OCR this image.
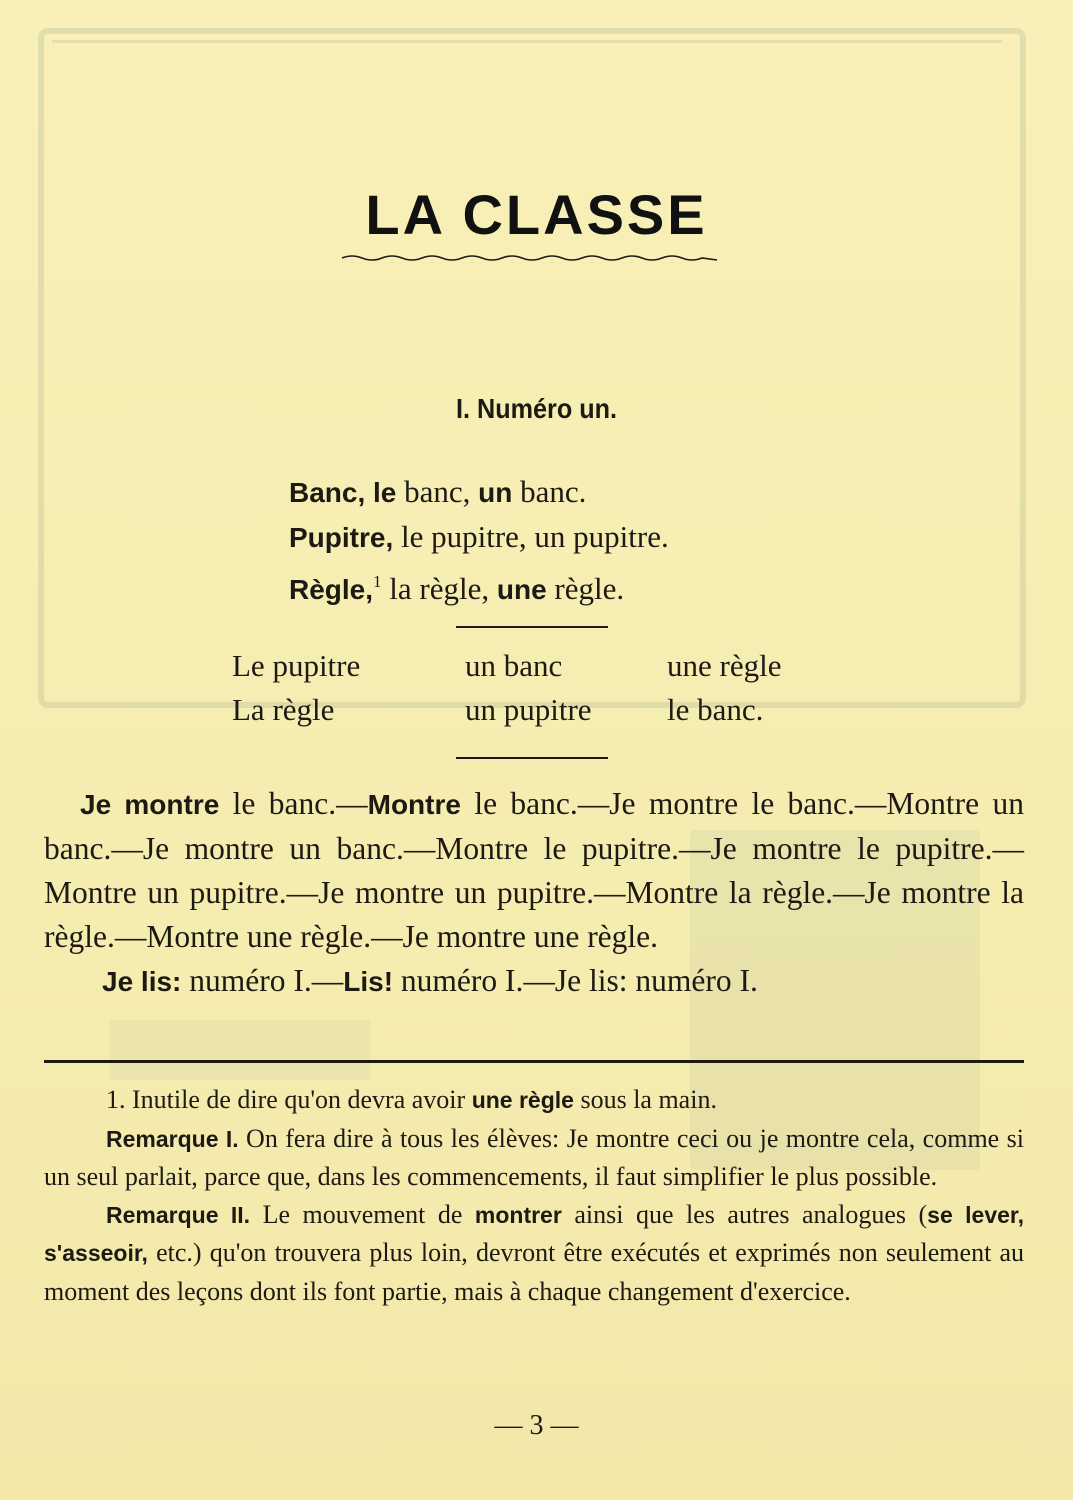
LA CLASSE
I. Numéro un.
Banc, le banc, un banc.
Pupitre, le pupitre, un pupitre.
Règle,$^1$ la règle, une règle.
Le pupitre	un banc	une règle
La règle	un pupitre	le banc.
Je montre le banc.—Montre le banc.—Je montre le banc.—Montre un banc.—Je montre un banc.—Montre le pupitre.—Je montre le pupitre.—Montre un pupitre.—Je montre un pupitre.—Montre la règle.—Je montre la règle.—Montre une règle.—Je montre une règle.
Je lis: numéro I.—Lis! numéro I.—Je lis: numéro I.
1. Inutile de dire qu'on devra avoir une règle sous la main.
Remarque I. On fera dire à tous les élèves: Je montre ceci ou je montre cela, comme si un seul parlait, parce que, dans les commencements, il faut simplifier le plus possible.
Remarque II. Le mouvement de montrer ainsi que les autres analogues (se lever, s'asseoir, etc.) qu'on trouvera plus loin, devront être exécutés et exprimés non seulement au moment des leçons dont ils font partie, mais à chaque changement d'exercice.
— 3 —
